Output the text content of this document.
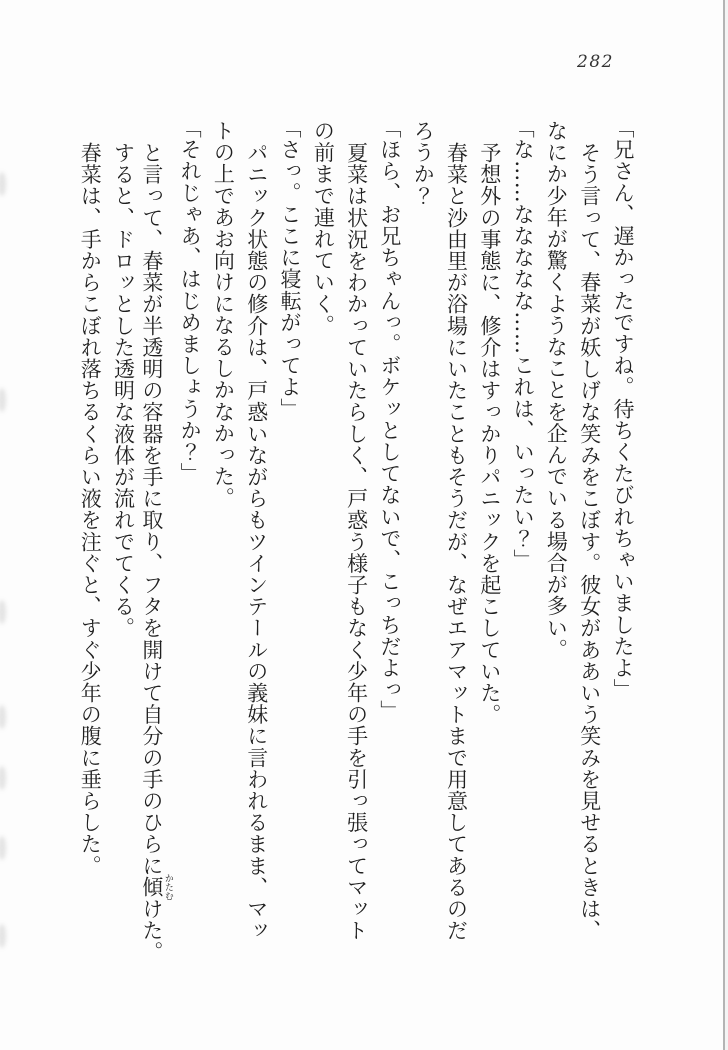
282
「兄さん、遅かったですね。待ちくたびれちゃいましたよ」
そう言って、春菜が妖しげな笑みをこぼす。彼女がああいう笑みを見せるときは、
なにか少年が驚くようなことを企んでいる場合が多い。
「な……ななななな……これは、いったい？」
予想外の事態に、修介はすっかりパニックを起こしていた。
春菜と沙由里が浴場にいたこともそうだが、なぜエアマットまで用意してあるのだ
ろうか？
「ほら、お兄ちゃんっ。ボケッとしてないで、こっちだよっ」
夏菜は状況をわかっていたらしく、戸惑う様子もなく少年の手を引っ張ってマット
の前まで連れていく。
「さっ。ここに寝転がってよ」
パニック状態の修介は、戸惑いながらもツインテールの義妹に言われるまま、マッ
トの上であお向けになるしかなかった。
「それじゃあ、はじめましょうか？」
と言って、春菜が半透明の容器を手に取り、フタを開けて自分の手のひらに傾 かたむけた。
すると、ドロッとした透明な液体が流れでてくる。
春菜は、手からこぼれ落ちるくらい液を注ぐと、すぐ少年の腹に垂らした。
